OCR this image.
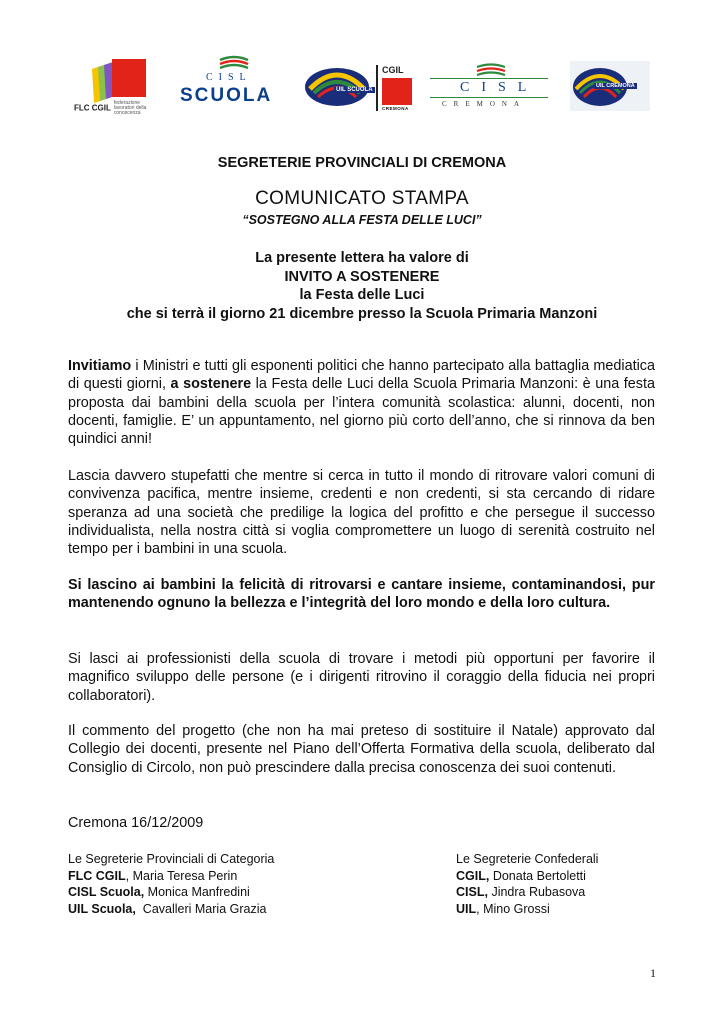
FLC CGILfederazione lavoratori della conoscenza
CISL
SCUOLA	UIL SCUOLA
CGIL
CREMONA
CISL
CREMONA
UIL CREMONA
SEGRETERIE PROVINCIALI DI CREMONA
COMUNICATO STAMPA
“SOSTEGNO ALLA FESTA DELLE LUCI”
La presente lettera ha valore di
INVITO A SOSTENERE
la Festa delle Luci
che si terrà il giorno 21 dicembre presso la Scuola Primaria Manzoni

Invitiamo i Ministri e tutti gli esponenti politici che hanno partecipato alla battaglia mediatica di questi giorni, a sostenere la Festa delle Luci della Scuola Primaria Manzoni: è una festa proposta dai bambini della scuola per l’intera comunità scolastica: alunni, docenti, non docenti, famiglie. E’ un appuntamento, nel giorno più corto dell’anno, che si rinnova da ben quindici anni!

Lascia davvero stupefatti che mentre si cerca in tutto il mondo di ritrovare valori comuni di convivenza pacifica, mentre insieme, credenti e non credenti, si sta cercando di ridare speranza ad una società che predilige la logica del profitto e che persegue il successo individualista, nella nostra città si voglia compromettere un luogo di serenità costruito nel tempo per i bambini in una scuola.

Si lascino ai bambini la felicità di ritrovarsi e cantare insieme, contaminandosi, pur mantenendo ognuno la bellezza e l’integrità del loro mondo e della loro cultura.

Si lasci ai professionisti della scuola di trovare i metodi più opportuni per favorire il magnifico sviluppo delle persone (e i dirigenti ritrovino il coraggio della fiducia nei propri collaboratori).

Il commento del progetto (che non ha mai preteso di sostituire il Natale) approvato dal Collegio dei docenti, presente nel Piano dell’Offerta Formativa della scuola, deliberato dal Consiglio di Circolo, non può prescindere dalla precisa conoscenza dei suoi contenuti.

Cremona 16/12/2009

Le Segreterie Provinciali di Categoria
FLC CGIL, Maria Teresa Perin
CISL Scuola, Monica Manfredini
UIL Scuola, Cavalleri Maria Grazia
Le Segreterie Confederali
CGIL, Donata Bertoletti
CISL, Jindra Rubasova
UIL, Mino Grossi
1
